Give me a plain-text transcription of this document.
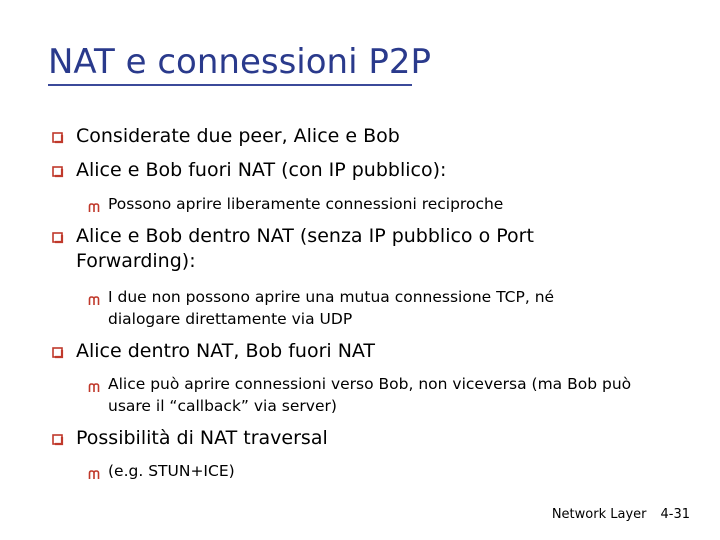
NAT e connessioni P2P
Considerate due peer, Alice e Bob
Alice e Bob fuori NAT (con IP pubblico):
Possono aprire liberamente connessioni reciproche
Alice e Bob dentro NAT (senza IP pubblico o Port Forwarding):
I due non possono aprire una mutua connessione TCP, né dialogare direttamente via UDP
Alice dentro NAT, Bob fuori NAT
Alice può aprire connessioni verso Bob, non viceversa (ma Bob può usare il “callback” via server)
Possibilità di NAT traversal
(e.g. STUN+ICE)
Network Layer 4-31
